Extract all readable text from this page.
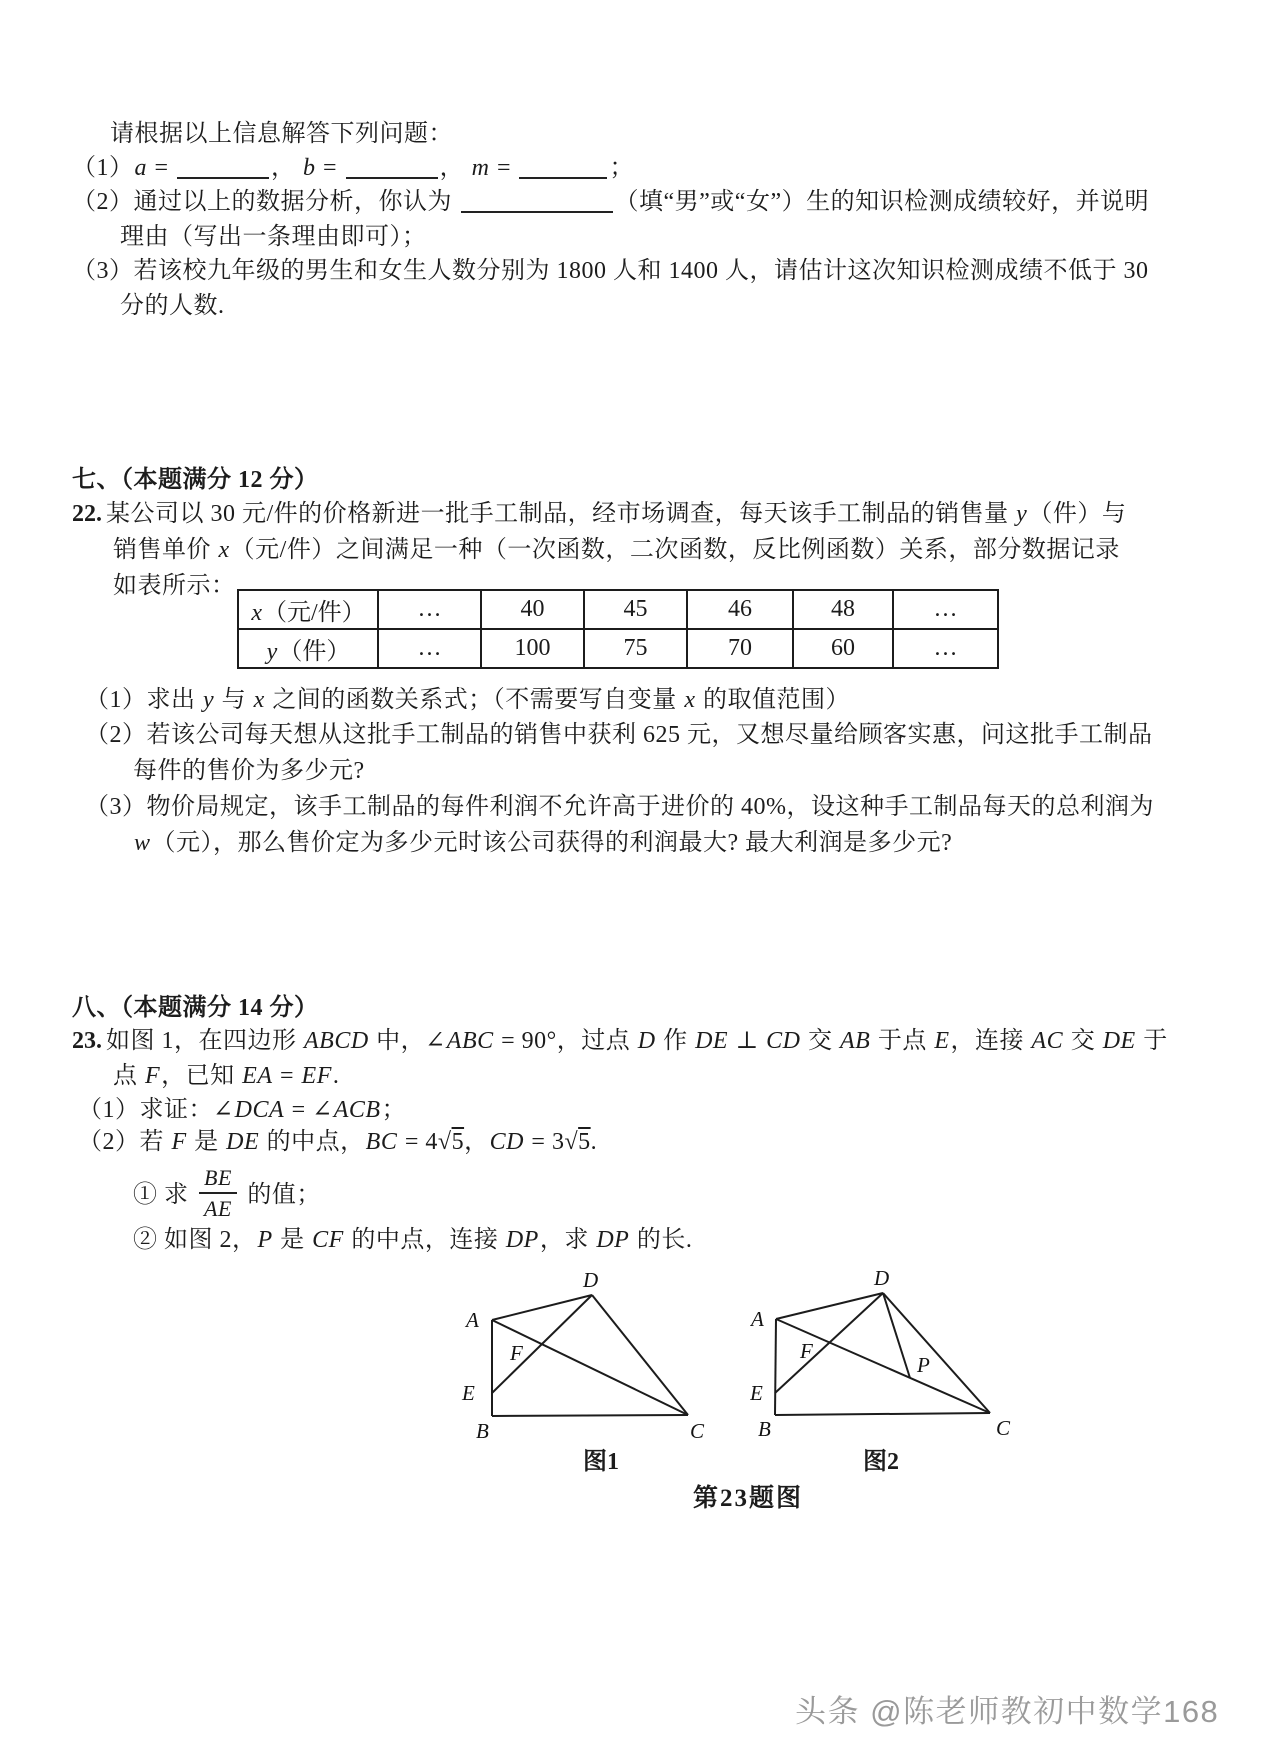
请根据以上信息解答下列问题：
（1）a =	， b =	， m =	；
（2）通过以上的数据分析，你认为	（填“男”或“女”）生的知识检测成绩较好，并说明
理由（写出一条理由即可）；
（3）若该校九年级的男生和女生人数分别为 1800 人和 1400 人，请估计这次知识检测成绩不低于 30
分的人数.
七、（本题满分 12 分）
22. 某公司以 30 元/件的价格新进一批手工制品，经市场调查，每天该手工制品的销售量 y（件）与
销售单价 x（元/件）之间满足一种（一次函数，二次函数，反比例函数）关系，部分数据记录
如表所示：
x（元/件）	…	40	45	46	48	…
y（件）	…	100	75	70	60	…
（1）求出 y 与 x 之间的函数关系式；（不需要写自变量 x 的取值范围）
（2）若该公司每天想从这批手工制品的销售中获利 625 元，又想尽量给顾客实惠，问这批手工制品
每件的售价为多少元?
（3）物价局规定，该手工制品的每件利润不允许高于进价的 40%，设这种手工制品每天的总利润为
w（元），那么售价定为多少元时该公司获得的利润最大? 最大利润是多少元?
八、（本题满分 14 分）
23. 如图 1，在四边形 ABCD 中，∠ABC = 90°，过点 D 作 DE ⊥ CD 交 AB 于点 E，连接 AC 交 DE 于
点 F，已知 EA = EF.
（1）求证：∠DCA = ∠ACB；
（2）若 F 是 DE 的中点，BC = 4√5，CD = 3√5.
① 求 $\frac{BE}{AE}$ 的值；
② 如图 2，P 是 CF 的中点，连接 DP，求 DP 的长.
D
A
F
E
B	C
D
A
F
P
E
B	C
图1	图2
第23题图
头条 @陈老师教初中数学168
